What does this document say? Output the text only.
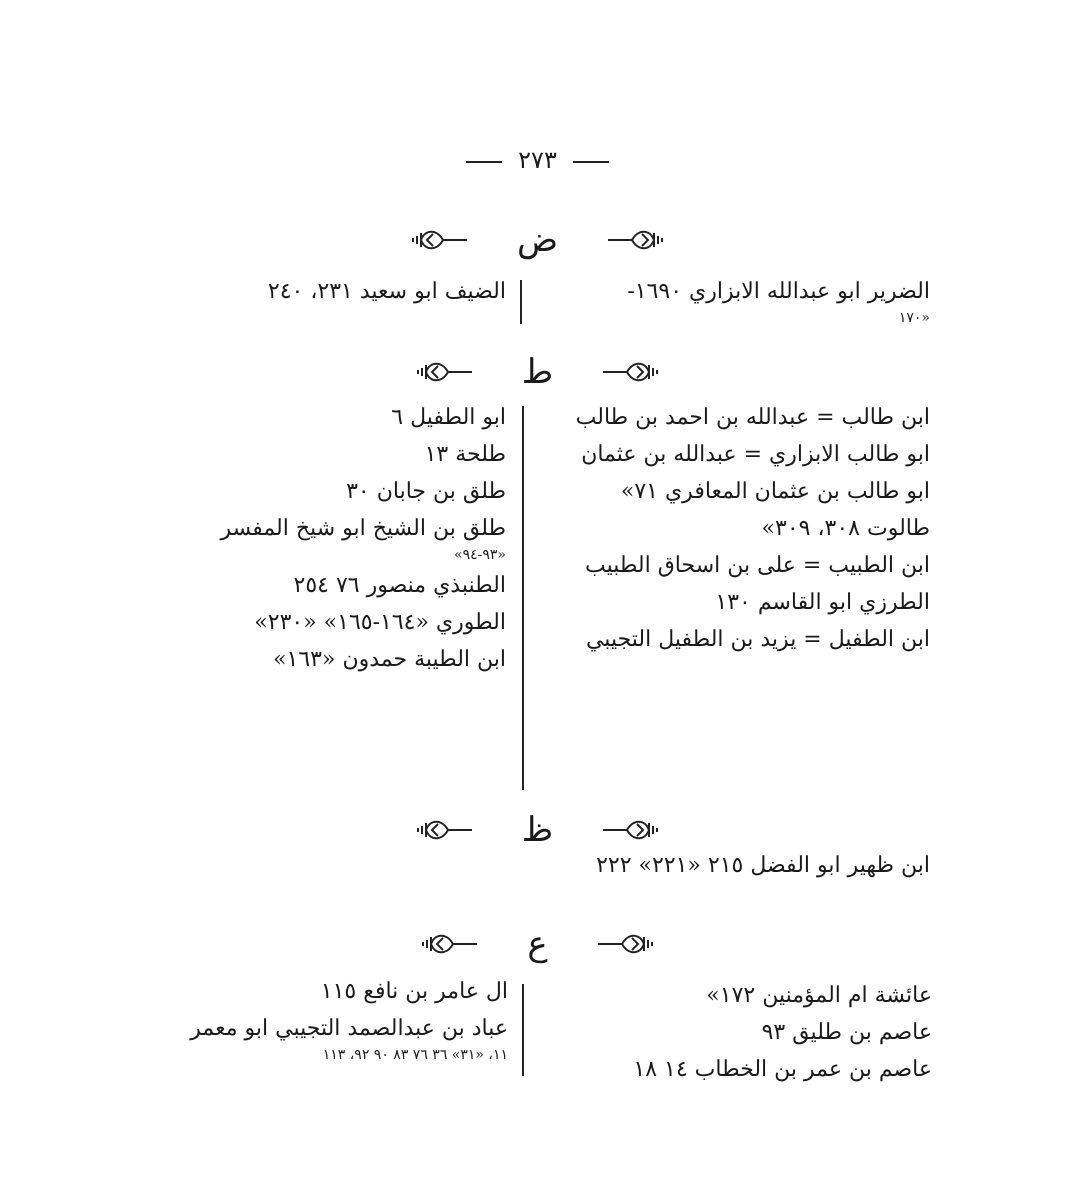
٢٧٣
ض
الضرير ابو عبدالله الابزاري ١٦٩٠-
«١٧٠
الضيف ابو سعيد ٢٣١، ٢٤٠
ط
ابن طالب = عبدالله بن احمد بن طالب
ابو طالب الابزاري = عبدالله بن عثمان
ابو طالب بن عثمان المعافري ٧١»
طالوت ٣٠٨، ٣٠٩»
ابن الطبيب = على بن اسحاق الطبيب
الطرزي ابو القاسم ١٣٠
ابن الطفيل = يزيد بن الطفيل التجيبي
ابو الطفيل ٦
طلحة ١٣
طلق بن جابان ٣٠
طلق بن الشيخ ابو شيخ المفسر
«٩٣-٩٤»
الطنبذي منصور ٧٦ ٢٥٤
الطوري «١٦٤-١٦٥» «٢٣٠»
ابن الطيبة حمدون «١٦٣»
ظ
ابن ظهير ابو الفضل ٢١٥ «٢٢١» ٢٢٢
ع
عائشة ام المؤمنين ١٧٢»
عاصم بن طليق ٩٣
عاصم بن عمر بن الخطاب ١٤ ١٨
ال عامر بن نافع ١١٥
عباد بن عبدالصمد التجيبي ابو معمر
١١، «٣١» ٣٦ ٧٦ ٨٣ ٩٠ ٩٢، ١١٣
